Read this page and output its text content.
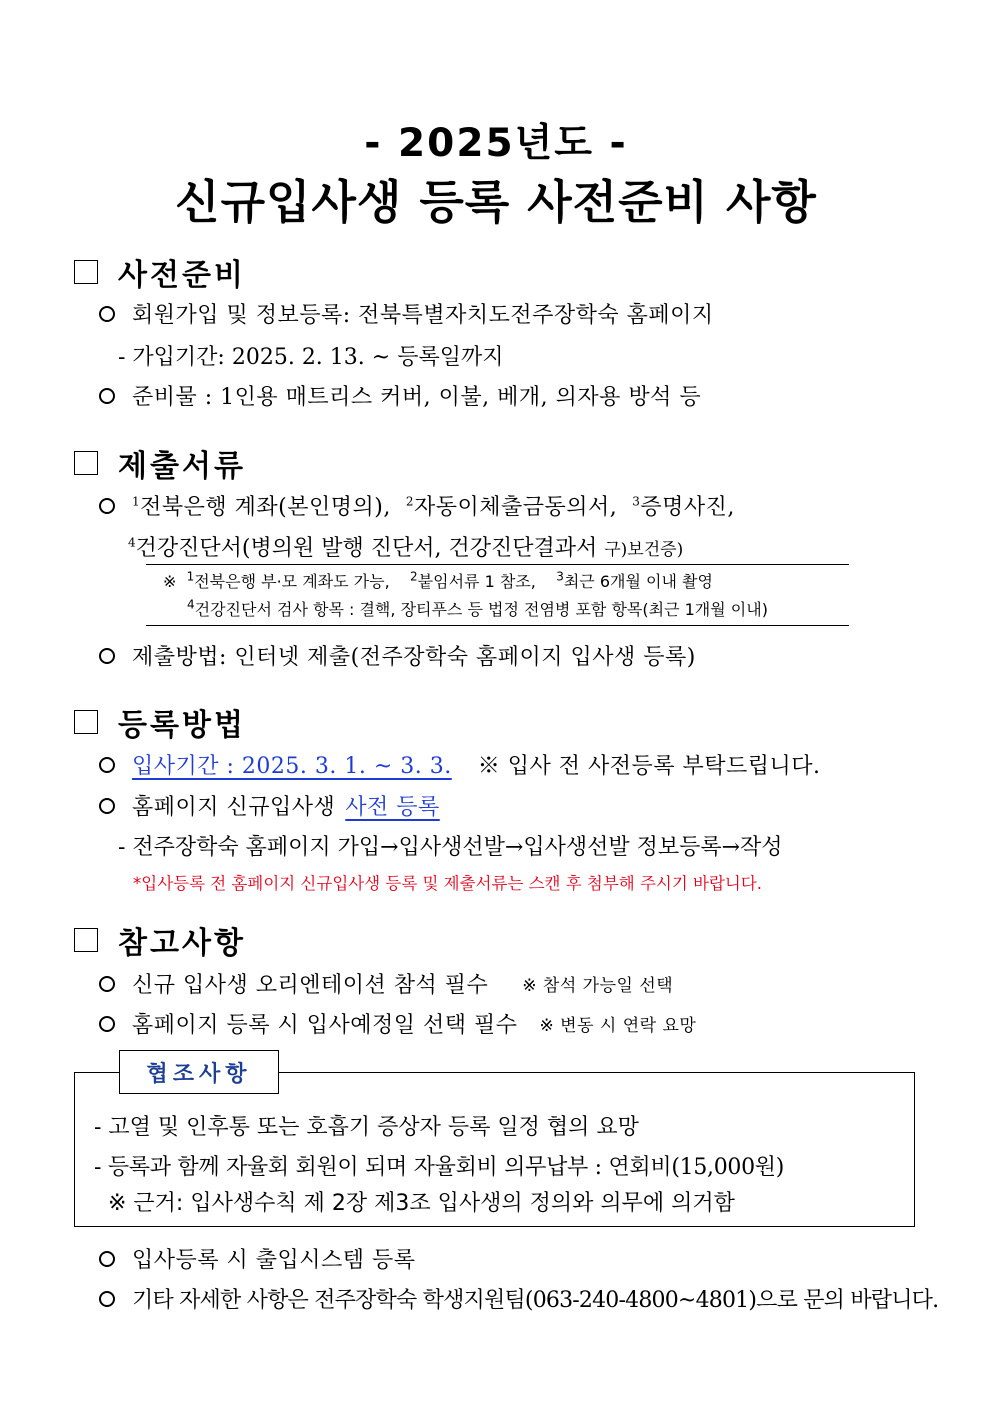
- 2025년도 -
신규입사생 등록 사전준비 사항
사전준비
회원가입 및 정보등록: 전북특별자치도전주장학숙 홈페이지
- 가입기간: 2025. 2. 13. ~ 등록일까지
준비물 : 1인용 매트리스 커버, 이불, 베개, 의자용 방석 등
제출서류
$^1$전북은행 계좌(본인명의), $^2$자동이체출금동의서, $^3$증명사진,
$^4$건강진단서(병의원 발행 진단서, 건강진단결과서 구)보건증)
※ $^1$전북은행 부·모 계좌도 가능, $^2$붙임서류 1 참조, $^3$최근 6개월 이내 촬영
$^4$건강진단서 검사 항목 : 결핵, 장티푸스 등 법정 전염병 포함 항목(최근 1개월 이내)
제출방법: 인터넷 제출(전주장학숙 홈페이지 입사생 등록)
등록방법
입사기간 : 2025. 3. 1. ~ 3. 3. ※ 입사 전 사전등록 부탁드립니다.
홈페이지 신규입사생 사전 등록
- 전주장학숙 홈페이지 가입→입사생선발→입사생선발 정보등록→작성
*입사등록 전 홈페이지 신규입사생 등록 및 제출서류는 스캔 후 첨부해 주시기 바랍니다.
참고사항
신규 입사생 오리엔테이션 참석 필수 ※ 참석 가능일 선택
홈페이지 등록 시 입사예정일 선택 필수 ※ 변동 시 연락 요망
협조사항
- 고열 및 인후통 또는 호흡기 증상자 등록 일정 협의 요망
- 등록과 함께 자율회 회원이 되며 자율회비 의무납부 : 연회비(15,000원)
※ 근거: 입사생수칙 제 2장 제3조 입사생의 정의와 의무에 의거함
입사등록 시 출입시스템 등록
기타 자세한 사항은 전주장학숙 학생지원팀(063-240-4800~4801)으로 문의 바랍니다.
